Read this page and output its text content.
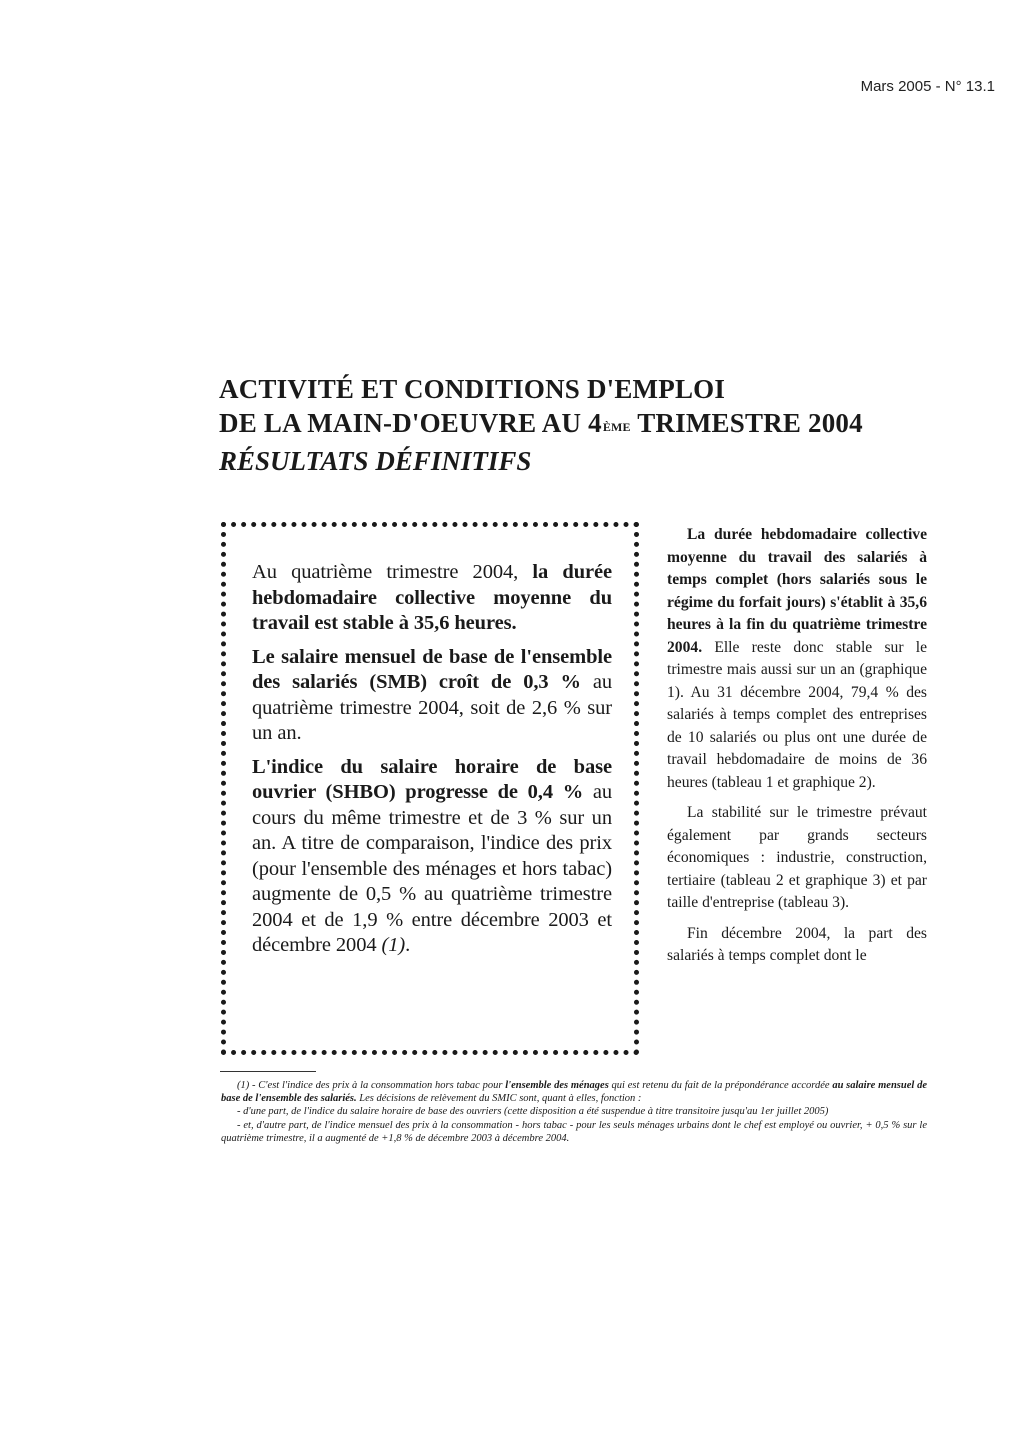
Mars 2005 - N° 13.1
ACTIVITÉ ET CONDITIONS D'EMPLOI
DE LA MAIN-D'OEUVRE AU 4ÈME TRIMESTRE 2004
RÉSULTATS DÉFINITIFS

Au quatrième trimestre 2004, la durée hebdomadaire collective moyenne du travail est stable à 35,6 heures.

Le salaire mensuel de base de l'ensemble des salariés (SMB) croît de 0,3 % au quatrième trimestre 2004, soit de 2,6 % sur un an.

L'indice du salaire horaire de base ouvrier (SHBO) progresse de 0,4 % au cours du même trimestre et de 3 % sur un an. A titre de comparaison, l'indice des prix (pour l'ensemble des ménages et hors tabac) augmente de 0,5 % au quatrième trimestre 2004 et de 1,9 % entre décembre 2003 et décembre 2004 (1).

La durée hebdomadaire collective moyenne du travail des salariés à temps complet (hors salariés sous le régime du forfait jours) s'établit à 35,6 heures à la fin du quatrième trimestre 2004. Elle reste donc stable sur le trimestre mais aussi sur un an (graphique 1). Au 31 décembre 2004, 79,4 % des salariés à temps complet des entreprises de 10 salariés ou plus ont une durée de travail hebdomadaire de moins de 36 heures (tableau 1 et graphique 2).

La stabilité sur le trimestre prévaut également par grands secteurs économiques : industrie, construction, tertiaire (tableau 2 et graphique 3) et par taille d'entreprise (tableau 3).

Fin décembre 2004, la part des salariés à temps complet dont le

(1) - C'est l'indice des prix à la consommation hors tabac pour l'ensemble des ménages qui est retenu du fait de la prépondérance accordée au salaire mensuel de base de l'ensemble des salariés. Les décisions de relèvement du SMIC sont, quant à elles, fonction :

- d'une part, de l'indice du salaire horaire de base des ouvriers (cette disposition a été suspendue à titre transitoire jusqu'au 1er juillet 2005)

- et, d'autre part, de l'indice mensuel des prix à la consommation - hors tabac - pour les seuls ménages urbains dont le chef est employé ou ouvrier, + 0,5 % sur le quatrième trimestre, il a augmenté de +1,8 % de décembre 2003 à décembre 2004.
